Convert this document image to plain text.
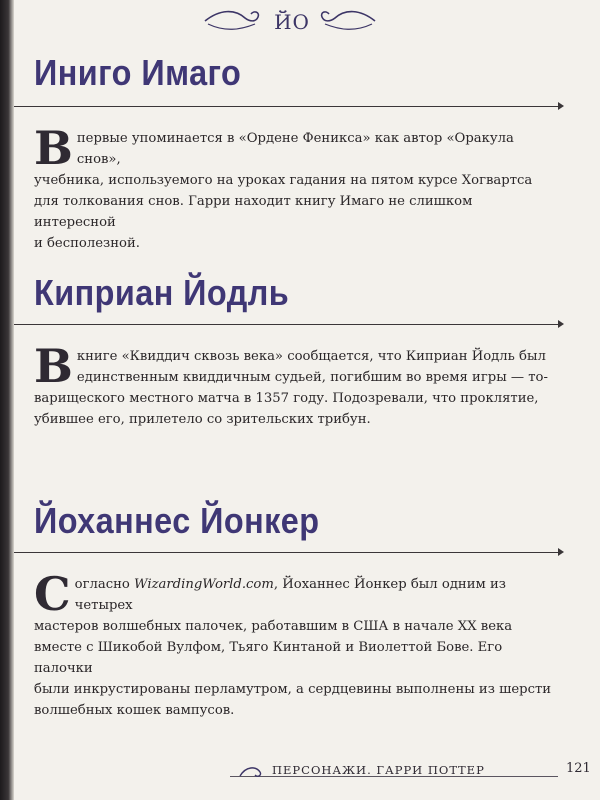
ЙО
Иниго Имаго
В первые упоминается в «Ордене Феникса» как автор «Оракула снов»,
учебника, используемого на уроках гадания на пятом курсе Хогвартса
для толкования снов. Гарри находит книгу Имаго не слишком интересной
и бесполезной.
Киприан Йодль
В книге «Квиддич сквозь века» сообщается, что Киприан Йодль был
единственным квиддичным судьей, погибшим во время игры — то-
варищеского местного матча в 1357 году. Подозревали, что проклятие,
убившее его, прилетело со зрительских трибун.
Йоханнес Йонкер
С огласно WizardingWorld.com, Йоханнес Йонкер был одним из четырех
мастеров волшебных палочек, работавшим в США в начале XX века
вместе с Шикобой Вулфом, Тьяго Кинтаной и Виолеттой Бове. Его палочки
были инкрустированы перламутром, а сердцевины выполнены из шерсти
волшебных кошек вампусов.
ПЕРСОНАЖИ. ГАРРИ ПОТТЕР	121
